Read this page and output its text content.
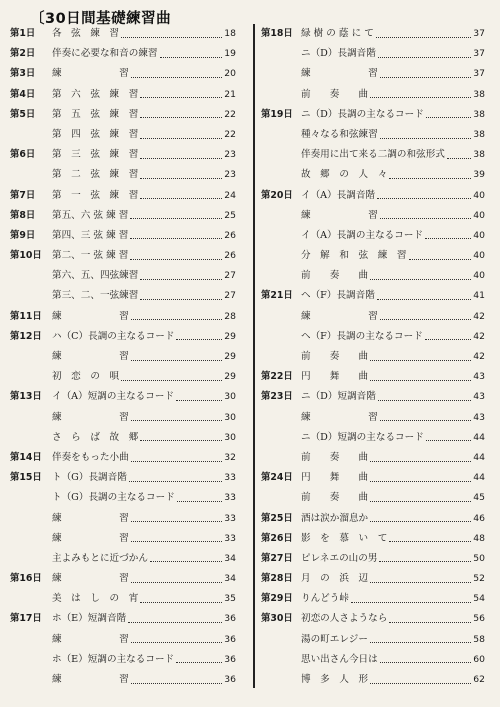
〔30日間基礎練習曲
第1日	各　弦　練　習	18
第2日	伴奏に必要な和音の練習	19
第3日	練　　　　　　習	20
第4日	第　六　弦　練　習	21
第5日	第　五　弦　練　習	22
第　四　弦　練　習	22
第6日	第　三　弦　練　習	23
第　二　弦　練　習	23
第7日	第　一　弦　練　習	24
第8日	第五、六 弦 練 習	25
第9日	第四、三 弦 練 習	26
第10日	第二、一 弦 練 習	26
第六、五、四弦練習	27
第三、二、一弦練習	27
第11日	練　　　　　　習	28
第12日	ハ（C）長調の主なるコード	29
練　　　　　　習	29
初　恋　の　唄	29
第13日	イ（A）短調の主なるコード	30
練　　　　　　習	30
さ　ら　ば　故　郷	30
第14日	伴奏をもった小曲	32
第15日	ト（G）長調音階	33
ト（G）長調の主なるコード	33
練　　　　　　習	33
練　　　　　　習	33
主よみもとに近づかん	34
第16日	練　　　　　　習	34
美　は　し　の　宵	35
第17日	ホ（E）短調音階	36
練　　　　　　習	36
ホ（E）短調の主なるコード	36
練　　　　　　習	36
第18日 緑 樹 の 蔭 に て	37
ニ（D）長調音階	37
練　　　　　　習	37
前　　奏　　曲	38
第19日 ニ（D）長調の主なるコード	38
種々なる和弦練習	38
伴奏用に出て来る二調の和弦形式	38
故　郷　の　人　々	39
第20日 イ（A）長調音階	40
練　　　　　　習	40
イ（A）長調の主なるコード	40
分　解　和　弦　練　習	40
前　　奏　　曲	40
第21日 ヘ（F）長調音階	41
練　　　　　　習	42
ヘ（F）長調の主なるコード	42
前　　奏　　曲	42
第22日 円　　舞　　曲	43
第23日 ニ（D）短調音階	43
練　　　　　　習	43
ニ（D）短調の主なるコード	44
前　　奏　　曲	44
第24日 円　　舞　　曲	44
前　　奏　　曲	45
第25日 酒は涙か溜息か	46
第26日 影　を　慕　い　て	48
第27日 ピレネエの山の男	50
第28日 月　の　浜　辺	52
第29日 りんどう峠	54
第30日 初恋の人さようなら	56
湯の町エレジー	58
思い出さん今日は	60
博　多　人　形	62
